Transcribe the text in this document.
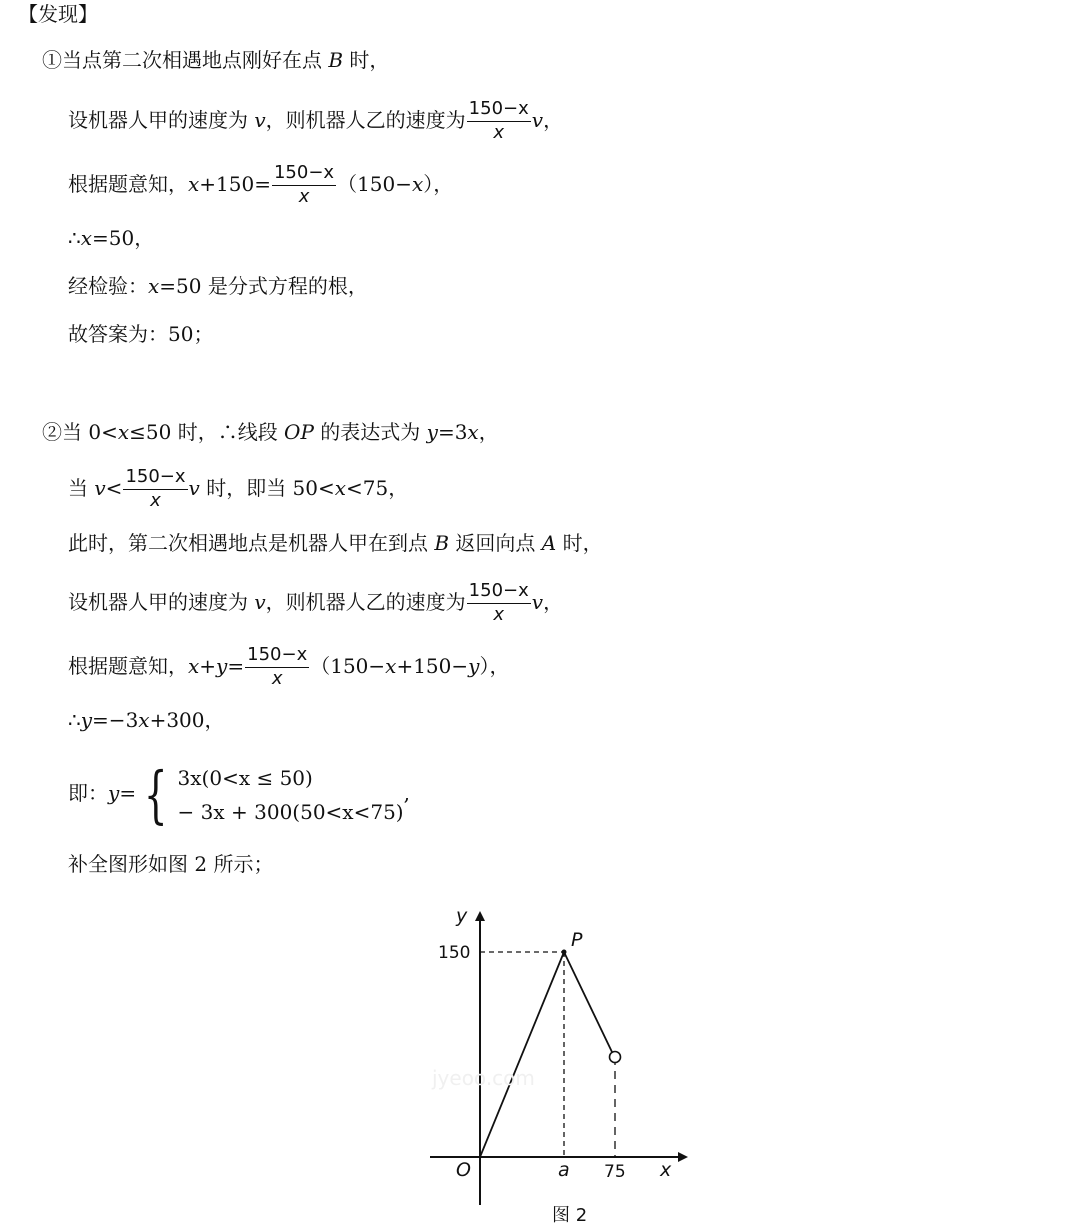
【发现】
①当点第二次相遇地点刚好在点 B 时，
设机器人甲的速度为 v，则机器人乙的速度为 $\frac{150-x}{x}$ v，
根据题意知，$x+150= \frac{150-x}{x} (150-x)$，
∴x=50，
经检验：x=50 是分式方程的根，
故答案为：50；
②当 0<x≤50 时，∴线段 OP 的表达式为 y=3x，
当 $v< \frac{150-x}{x}$ v 时，即当 50<x<75，
此时，第二次相遇地点是机器人甲在到点 B 返回向点 A 时，
设机器人甲的速度为 v，则机器人乙的速度为 $\frac{150-x}{x}$ v，
根据题意知，$x+y= \frac{150-x}{x} (150-x+150-y)$，
∴y=−3x+300，
即：y= { 3x(0<x ≤ 50)
− 3x + 300(50<x<75)
,
补全图形如图 2 所示；
jyeoo.com
y
x
O
P
150
a 75
图 2
